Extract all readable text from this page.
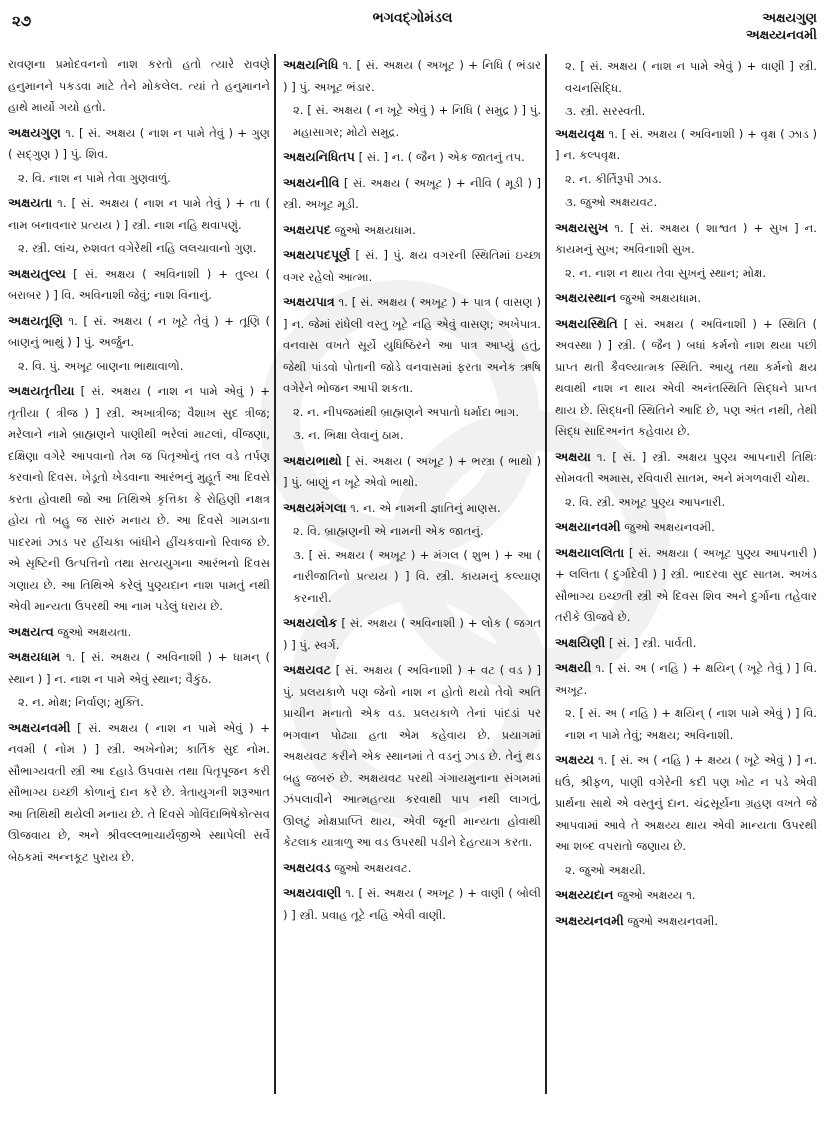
૨૭	ભગવદ્ગોમંડલ	અક્ષયગુણ
અક્ષય્યનવમી

રાવણના પ્રમોદવનનો નાશ કરતો હતો ત્યારે રાવણે હનુમાનને પકડવા માટે તેને મોકલેલ. ત્યાં તે હનુમાનને હાથે માર્યો ગયો હતો.

અક્ષયગુણ ૧. [ સં. અક્ષય ( નાશ ન પામે તેવું ) + ગુણ ( સદ્ગુણ ) ] પું. શિવ.
૨. વિ. નાશ ન પામે તેવા ગુણવાળું.

અક્ષયતા ૧. [ સં. અક્ષય ( નાશ ન પામે તેવું ) + તા ( નામ બનાવનાર પ્રત્યય ) ] સ્ત્રી. નાશ નહિ થવાપણું.
૨. સ્ત્રી. લાંચ, રુશવત વગેરેથી નહિ લલચાવાનો ગુણ.

અક્ષયતુલ્ય [ સં. અક્ષય ( અવિનાશી ) + તુલ્ય ( બરાબર ) ] વિ. અવિનાશી જેવું; નાશ વિનાનું.

અક્ષયતૂણિ ૧. [ સં. અક્ષય ( ન ખૂટે તેવું ) + તૂણિ ( બાણનું ભાથું ) ] પું. અર્જુન.
૨. વિ. પું. અખૂટ બાણના ભાથાવાળો.

અક્ષયતૃતીયા [ સં. અક્ષય ( નાશ ન પામે એવું ) + તૃતીયા ( ત્રીજ ) ] સ્ત્રી. અખાત્રીજ; વૈશાખ સુદ ત્રીજ; મરેલાને નામે બ્રાહ્મણને પાણીથી ભરેલાં માટલાં, વીંજણા, દક્ષિણા વગેરે આપવાનો તેમ જ પિતૃઓનું તલ વડે તર્પણ કરવાનો દિવસ. ખેડૂતો ખેડવાના આરંભનું મુહૂર્ત આ દિવસે કરતા હોવાથી જો આ તિથિએ કૃત્તિકા કે રોહિણી નક્ષત્ર હોય તો બહુ જ સારું મનાય છે. આ દિવસે ગામડાના પાદરમાં ઝાડ પર હીંચકા બાંધીને હીંચકવાનો રિવાજ છે. એ સૃષ્ટિની ઉત્પત્તિનો તથા સત્યયુગના આરંભનો દિવસ ગણાય છે. આ તિથિએ કરેલું પુણ્યદાન નાશ પામતું નથી એવી માન્યતા ઉપરથી આ નામ પડેલું ધરાય છે.

અક્ષયત્વ જુઓ અક્ષયતા.

અક્ષયધામ ૧. [ સં. અક્ષય ( અવિનાશી ) + ધામન્ ( સ્થાન ) ] ન. નાશ ન પામે એવું સ્થાન; વૈકુંઠ.
૨. ન. મોક્ષ; નિર્વાણ; મુક્તિ.

અક્ષયનવમી [ સં. અક્ષય ( નાશ ન પામે એવું ) + નવમી ( નોમ ) ] સ્ત્રી. અખેનોમ; કાર્તિક સુદ નોમ. સૌભાગ્યવતી સ્ત્રી આ દહાડે ઉપવાસ તથા પિતૃપૂજન કરી સૌભાગ્ય ઇચ્છી કોળાનું દાન કરે છે. ત્રેતાયુગની શરૂઆત આ તિથિથી થયેલી મનાય છે. તે દિવસે ગોવિંદાભિષેકોત્સવ ઊજવાય છે, અને શ્રીવલ્લભાચાર્યજીએ સ્થાપેલી સર્વે બેઠકમાં અન્નકૂટ પુરાય છે.

અક્ષયનિધિ ૧. [ સં. અક્ષય ( અખૂટ ) + નિધિ ( ભંડાર ) ] પું. અખૂટ ભંડાર.
૨. [ સં. અક્ષય ( ન ખૂટે એવું ) + નિધિ ( સમુદ્ર ) ] પું. મહાસાગર; મોટો સમુદ્ર.

અક્ષયનિધિતપ [ સં. ] ન. ( જૈન ) એક જાતનું તપ.

અક્ષયનીવિ [ સં. અક્ષય ( અખૂટ ) + નીવિ ( મૂડી ) ] સ્ત્રી. અખૂટ મૂડી.

અક્ષયપદ જુઓ અક્ષયધામ.

અક્ષયપદપૂર્ણ [ સં. ] પું. ક્ષય વગરની સ્થિતિમાં ઇચ્છા વગર રહેલો આત્મા.

અક્ષયપાત્ર ૧. [ સં. અક્ષય ( અખૂટ ) + પાત્ર ( વાસણ ) ] ન. જેમાં રાંધેલી વસ્તુ ખૂટે નહિ એવું વાસણ; અખેપાત્ર. વનવાસ વખતે સૂર્યે યુધિષ્ઠિરને આ પાત્ર આપ્યું હતું, જેથી પાંડવો પોતાની જોડે વનવાસમાં ફરતા અનેક ઋષિ વગેરેને ભોજન આપી શકતા.
૨. ન. નીપજમાંથી બ્રાહ્મણને અપાતો ધર્માદા ભાગ.
૩. ન. ભિક્ષા લેવાનું ઠામ.

અક્ષયભાથો [ સં. અક્ષય ( અખૂટ ) + ભસ્ત્રા ( ભાથો ) ] પું. બાણું ન ખૂટે એવો ભાથો.

અક્ષયમંગલા ૧. ન. એ નામની જ્ઞાતિનું માણસ.
૨. વિ. બ્રાહ્મણની એ નામની એક જાતનું.
૩. [ સં. અક્ષય ( અખૂટ ) + મંગલ ( શુભ ) + આ ( નારીજાતિનો પ્રત્યય ) ] વિ. સ્ત્રી. કાયમનું કલ્યાણ કરનારી.

અક્ષયલોક [ સં. અક્ષય ( અવિનાશી ) + લોક ( જગત ) ] પું. સ્વર્ગ.

અક્ષયવટ [ સં. અક્ષય ( અવિનાશી ) + વટ ( વડ ) ] પું. પ્રલયકાળે પણ જેનો નાશ ન હોતો થયો તેવો અતિ પ્રાચીન મનાતો એક વડ. પ્રલયકાળે તેનાં પાંદડાં પર ભગવાન પોઢ્યા હતા એમ કહેવાય છે. પ્રયાગમાં અક્ષયવટ કરીને એક સ્થાનમાં તે વડનું ઝાડ છે. તેનું થડ બહુ જબરું છે. અક્ષયવટ પરથી ગંગાયમુનાના સંગમમાં ઝંપલાવીને આત્મહત્યા કરવાથી પાપ નથી લાગતું, ઊલટું મોક્ષપ્રાપ્તિ થાય, એવી જૂની માન્યતા હોવાથી કેટલાક યાત્રાળુ આ વડ ઉપરથી પડીને દેહત્યાગ કરતા.

અક્ષયવડ જુઓ અક્ષયવટ.

અક્ષયવાણી ૧. [ સં. અક્ષય ( અખૂટ ) + વાણી ( બોલી ) ] સ્ત્રી. પ્રવાહ તૂટે નહિ એવી વાણી.

૨. [ સં. અક્ષય ( નાશ ન પામે એવું ) + વાણી ] સ્ત્રી. વચનસિદ્ધિ.
૩. સ્ત્રી. સરસ્વતી.

અક્ષયવૃક્ષ ૧. [ સં. અક્ષય ( અવિનાશી ) + વૃક્ષ ( ઝાડ ) ] ન. કલ્પવૃક્ષ.
૨. ન. કીર્તિરૂપી ઝાડ.
૩. જુઓ અક્ષયવટ.

અક્ષયસુખ ૧. [ સં. અક્ષય ( શાશ્વત ) + સુખ ] ન. કાયમનું સુખ; અવિનાશી સુખ.
૨. ન. નાશ ન થાય તેવા સુખનું સ્થાન; મોક્ષ.

અક્ષયસ્થાન જુઓ અક્ષયધામ.

અક્ષયસ્થિતિ [ સં. અક્ષય ( અવિનાશી ) + સ્થિતિ ( અવસ્થા ) ] સ્ત્રી. ( જૈન ) બધાં કર્મનો નાશ થયા પછી પ્રાપ્ત થતી કૈવલ્યાત્મક સ્થિતિ. આયુ તથા કર્મનો ક્ષય થવાથી નાશ ન થાય એવી અનંતસ્થિતિ સિદ્ધને પ્રાપ્ત થાય છે. સિદ્ધની સ્થિતિને આદિ છે, પણ અંત નથી, તેથી સિદ્ધ સાદિઅનંત કહેવાય છે.

અક્ષયા ૧. [ સં. ] સ્ત્રી. અક્ષય પુણ્ય આપનારી તિથિઃ સોમવતી અમાસ, રવિવારી સાતમ, અને મંગળવારી ચોથ.
૨. વિ. સ્ત્રી. અખૂટ પુણ્ય આપનારી.

અક્ષયાનવમી જુઓ અક્ષયનવમી.

અક્ષયાલલિતા [ સં. અક્ષયા ( અખૂટ પુણ્ય આપનારી ) + લલિતા ( દુર્ગાદેવી ) ] સ્ત્રી. ભાદરવા સુદ સાતમ. અખંડ સૌભાગ્ય ઇચ્છતી સ્ત્રી એ દિવસ શિવ અને દુર્ગાના તહેવાર તરીકે ઊજવે છે.

અક્ષયિણી [ સં. ] સ્ત્રી. પાર્વતી.

અક્ષયી ૧. [ સં. અ ( નહિ ) + ક્ષયિન્ ( ખૂટે તેવું ) ] વિ. અખૂટ.
૨. [ સં. અ ( નહિ ) + ક્ષયિન્ ( નાશ પામે એવું ) ] વિ. નાશ ન પામે તેવું; અક્ષય; અવિનાશી.

અક્ષય્ય ૧. [ સં. અ ( નહિ ) + ક્ષય્ય ( ખૂટે એવું ) ] ન. ધઉં, શ્રીફળ, પાણી વગેરેની કદી પણ ખોટ ન પડે એવી પ્રાર્થના સાથે એ વસ્તુનું દાન. ચંદ્રસૂર્યના ગ્રહણ વખતે જે આપવામાં આવે તે અક્ષય્ય થાય એવી માન્યતા ઉપરથી આ શબ્દ વપરાતો જણાય છે.
૨. જુઓ અક્ષયી.

અક્ષય્યદાન જુઓ અક્ષય્ય ૧.

અક્ષય્યનવમી જુઓ અક્ષયનવમી.
